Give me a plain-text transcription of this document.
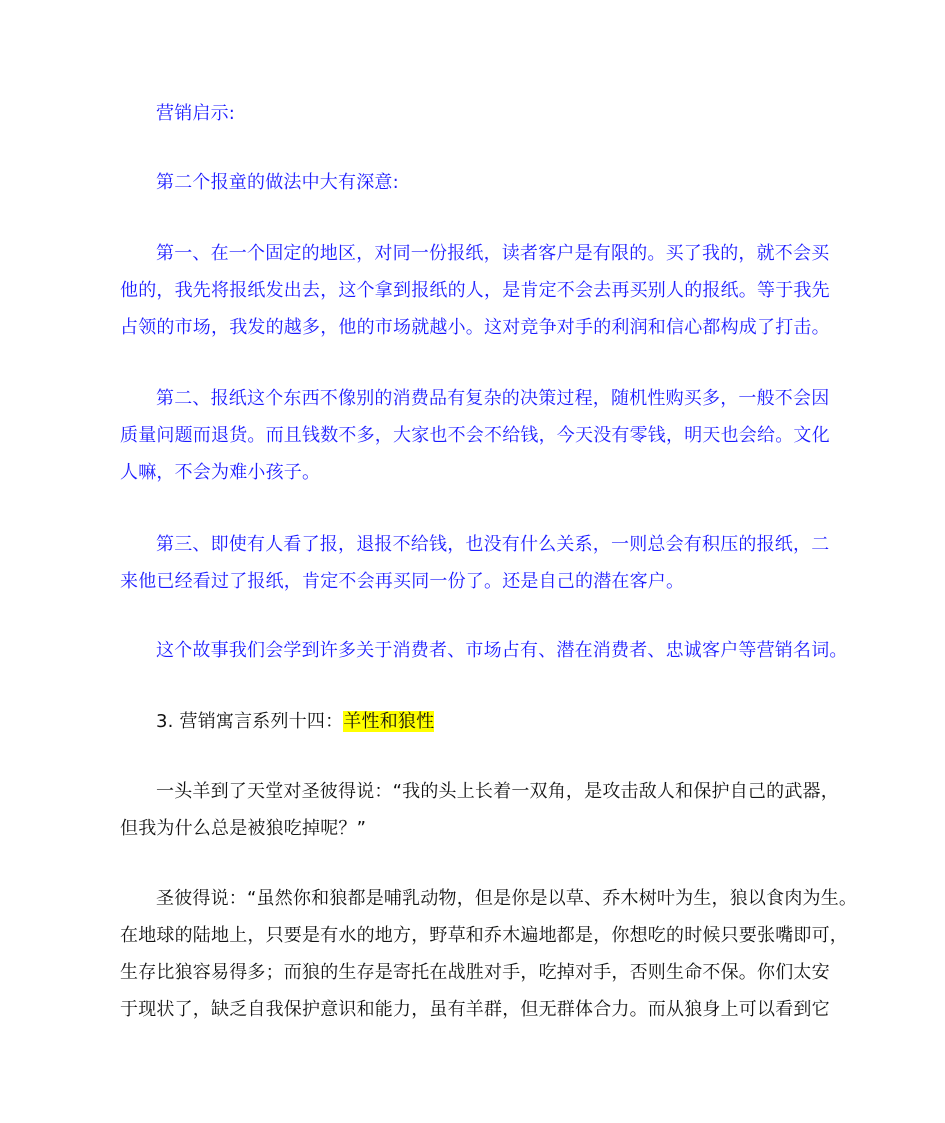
营销启示:

第二个报童的做法中大有深意:

第一、在一个固定的地区，对同一份报纸，读者客户是有限的。买了我的，就不会买
他的，我先将报纸发出去，这个拿到报纸的人，是肯定不会去再买别人的报纸。等于我先
占领的市场，我发的越多，他的市场就越小。这对竞争对手的利润和信心都构成了打击。

第二、报纸这个东西不像别的消费品有复杂的决策过程，随机性购买多，一般不会因
质量问题而退货。而且钱数不多，大家也不会不给钱，今天没有零钱，明天也会给。文化
人嘛，不会为难小孩子。

第三、即使有人看了报，退报不给钱，也没有什么关系，一则总会有积压的报纸，二
来他已经看过了报纸，肯定不会再买同一份了。还是自己的潜在客户。

这个故事我们会学到许多关于消费者、市场占有、潜在消费者、忠诚客户等营销名词。

3. 营销寓言系列十四：羊性和狼性

一头羊到了天堂对圣彼得说：“我的头上长着一双角，是攻击敌人和保护自己的武器，
但我为什么总是被狼吃掉呢？”

圣彼得说：“虽然你和狼都是哺乳动物，但是你是以草、乔木树叶为生，狼以食肉为生。
在地球的陆地上，只要是有水的地方，野草和乔木遍地都是，你想吃的时候只要张嘴即可，
生存比狼容易得多；而狼的生存是寄托在战胜对手，吃掉对手，否则生命不保。你们太安
于现状了，缺乏自我保护意识和能力，虽有羊群，但无群体合力。而从狼身上可以看到它
